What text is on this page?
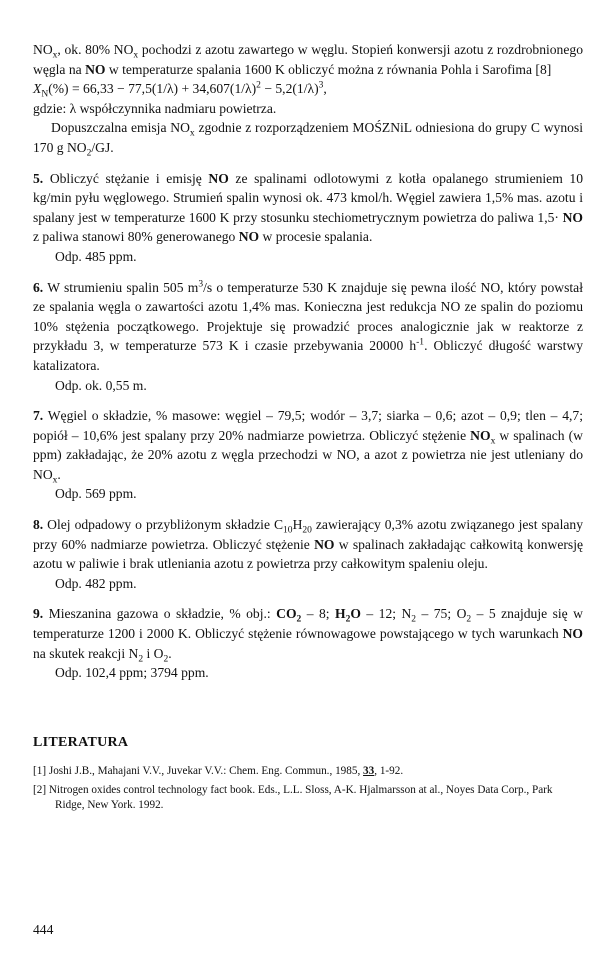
$NO_x$, ok. 80% $NO_x$ pochodzi z azotu zawartego w węglu. Stopień konwersji azotu z rozdrobnionego węgla na NO w temperaturze spalania 1600 K obliczyć można z równania Pohla i Sarofima [8]

$X_N(\%) = 66,33 - 77,5(1/\lambda) + 34,607(1/\lambda)^2 - 5,2(1/\lambda)^3$,

gdzie: λ współczynnika nadmiaru powietrza.

Dopuszczalna emisja $NO_x$ zgodnie z rozporządzeniem MOŚZNiL odniesiona do grupy C wynosi 170 g $NO_2/GJ$.

5. Obliczyć stężanie i emisję NO ze spalinami odlotowymi z kotła opalanego strumieniem 10 kg/min pyłu węglowego. Strumień spalin wynosi ok. 473 kmol/h. Węgiel zawiera 1,5% mas. azotu i spalany jest w temperaturze 1600 K przy stosunku stechiometrycznym powietrza do paliwa 1,5· NO z paliwa stanowi 80% generowanego NO w procesie spalania.

Odp. 485 ppm.

6. W strumieniu spalin 505 $m^3/s$ o temperaturze 530 K znajduje się pewna ilość NO, który powstał ze spalania węgla o zawartości azotu 1,4% mas. Konieczna jest redukcja NO ze spalin do poziomu 10% stężenia początkowego. Projektuje się prowadzić proces analogicznie jak w reaktorze z przykładu 3, w temperaturze 573 K i czasie przebywania 20000 $h^{-1}$. Obliczyć długość warstwy katalizatora.

Odp. ok. 0,55 m.

7. Węgiel o składzie, % masowe: węgiel – 79,5; wodór – 3,7; siarka – 0,6; azot – 0,9; tlen – 4,7; popiół – 10,6% jest spalany przy 20% nadmiarze powietrza. Obliczyć stężenie $NO_x$ w spalinach (w ppm) zakładając, że 20% azotu z węgla przechodzi w NO, a azot z powietrza nie jest utleniany do $NO_x$.

Odp. 569 ppm.

8. Olej odpadowy o przybliżonym składzie $C_{10}H_{20}$ zawierający 0,3% azotu związanego jest spalany przy 60% nadmiarze powietrza. Obliczyć stężenie NO w spalinach zakładając całkowitą konwersję azotu w paliwie i brak utleniania azotu z powietrza przy całkowitym spaleniu oleju.

Odp. 482 ppm.

9. Mieszanina gazowa o składzie, % obj.: $CO_2 - 8$; $H_2O - 12$; $N_2 - 75$; $O_2 - 5$ znajduje się w temperaturze 1200 i 2000 K. Obliczyć stężenie równowagowe powstającego w tych warunkach NO na skutek reakcji $N_2$ i $O_2$.

Odp. 102,4 ppm; 3794 ppm.

LITERATURA

[1] Joshi J.B., Mahajani V.V., Juvekar V.V.: Chem. Eng. Commun., 1985, 33, 1-92.

[2] Nitrogen oxides control technology fact book. Eds., L.L. Sloss, A-K. Hjalmarsson at al., Noyes Data Corp., Park Ridge, New York. 1992.

444
